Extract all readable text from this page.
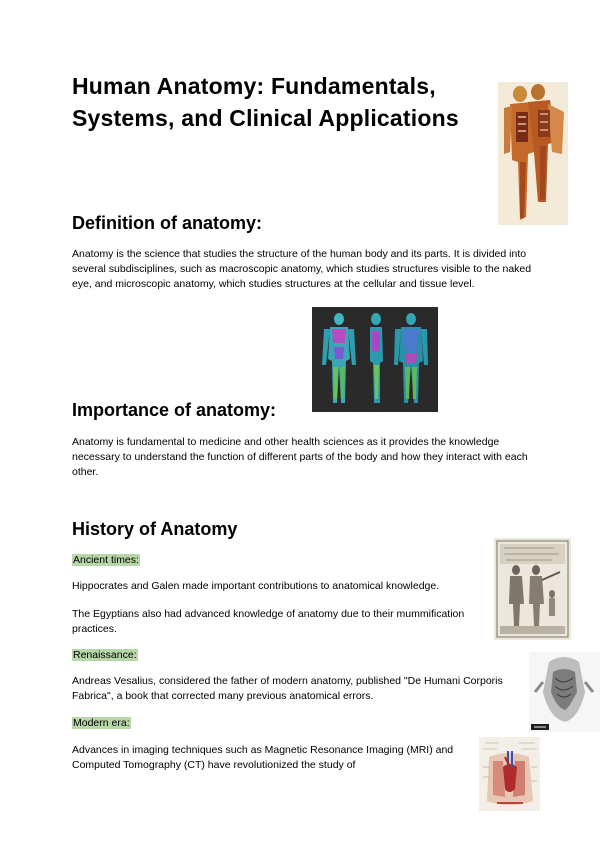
Human Anatomy: Fundamentals, Systems, and Clinical Applications
Definition of anatomy:
Anatomy is the science that studies the structure of the human body and its parts. It is divided into several subdisciplines, such as macroscopic anatomy, which studies structures visible to the naked eye, and microscopic anatomy, which studies structures at the cellular and tissue level.
Importance of anatomy:
Anatomy is fundamental to medicine and other health sciences as it provides the knowledge necessary to understand the function of different parts of the body and how they interact with each other.
History of Anatomy
Ancient times:
Hippocrates and Galen made important contributions to anatomical knowledge.
The Egyptians also had advanced knowledge of anatomy due to their mummification practices.
Renaissance:
Andreas Vesalius, considered the father of modern anatomy, published "De Humani Corporis Fabrica", a book that corrected many previous anatomical errors.
Modern era:
Advances in imaging techniques such as Magnetic Resonance Imaging (MRI) and Computed Tomography (CT) have revolutionized the study of
